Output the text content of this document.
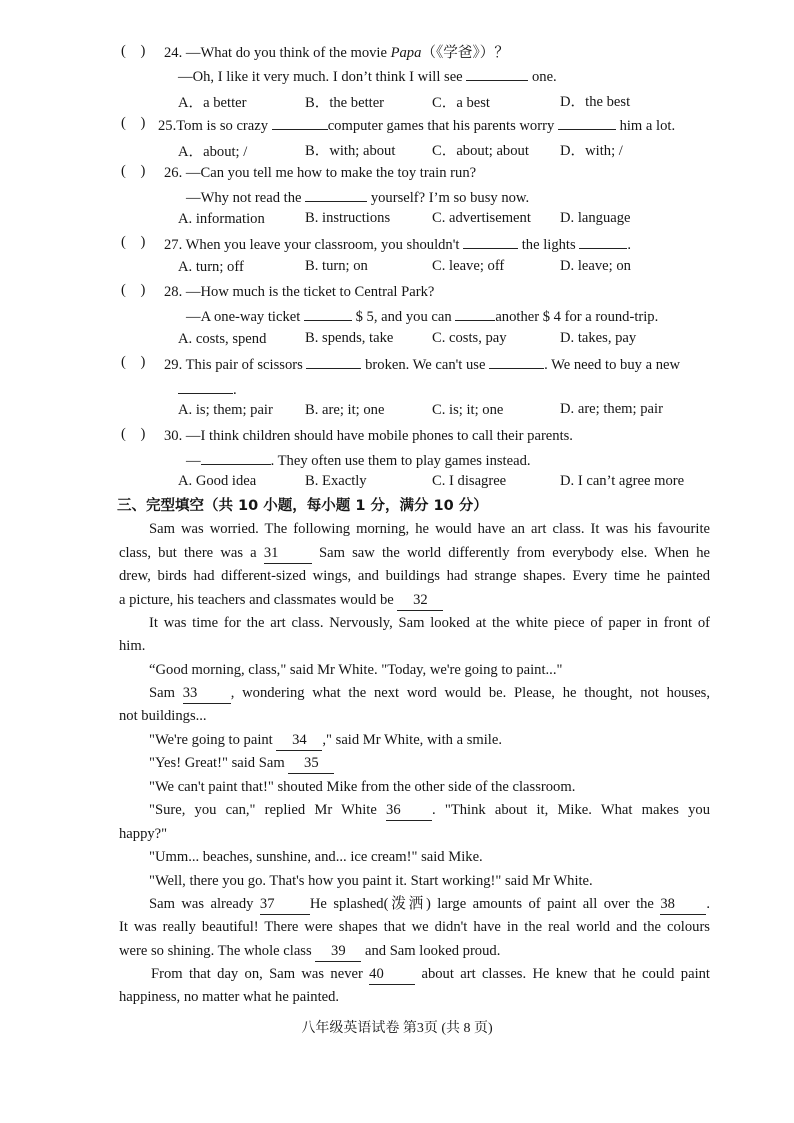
(    ) 24. —What do you think of the movie Papa（《学爸》）？
—Oh, I like it very much. I don’t think I will see	one.
A．a better	B．the better	C．a best	D．the best
(    ) 25.Tom is so crazy	computer games that his parents worry	him a lot.
A．about; /	B．with; about	C．about; about D．with; /
(    ) 26. —Can you tell me how to make the toy train run?
—Why not read the	yourself? I’m so busy now.
A. information	B. instructions	C. advertisement D. language
(    ) 27. When you leave your classroom, you shouldn't	the lights	.
A. turn; off	B. turn; on	C. leave; off	D. leave; on
(    ) 28. —How much is the ticket to Central Park?
—A one-way ticket	$ 5, and you can	another $ 4 for a round-trip.
A. costs, spend	B. spends, take	C. costs, pay	D. takes, pay
(    ) 29. This pair of scissors	broken. We can't use	. We need to buy a new
.
A. is; them; pair B. are; it; one	C. is; it; one	D. are; them; pair
(    ) 30. —I think children should have mobile phones to call their parents.
—	. They often use them to play games instead.
A. Good idea	B. Exactly	C. I disagree	D. I can’t agree more
三、完型填空（共 10 小题，每小题 1 分，满分 10 分）
Sam was worried. The following morning, he would have an art class. It was his favourite
class, but there was a 31	Sam saw the world differently from everybody else. When he
drew, birds had different-sized wings, and buildings had strange shapes. Every time he painted
a picture, his teachers and classmates would be 32
It was time for the art class. Nervously, Sam looked at the white piece of paper in front of
him.
“Good morning, class," said Mr White. "Today, we're going to paint..."
Sam 33 , wondering what the next word would be. Please, he thought, not houses,
not buildings...
"We're going to paint 34 ," said Mr White, with a smile.
"Yes! Great!" said Sam 35
"We can't paint that!" shouted Mike from the other side of the classroom.
"Sure, you can," replied Mr White 36 . "Think about it, Mike. What makes you
happy?"
"Umm... beaches, sunshine, and... ice cream!" said Mike.
"Well, there you go. That's how you paint it. Start working!" said Mr White.
Sam was already 37 He splashed(泼洒) large amounts of paint all over the 38 .
It was really beautiful! There were shapes that we didn't have in the real world and the colours
were so shining. The whole class 39 and Sam looked proud.
From that day on, Sam was never 40	about art classes. He knew that he could paint
happiness, no matter what he painted.
八年级英语试卷 第3页 (共 8 页)
